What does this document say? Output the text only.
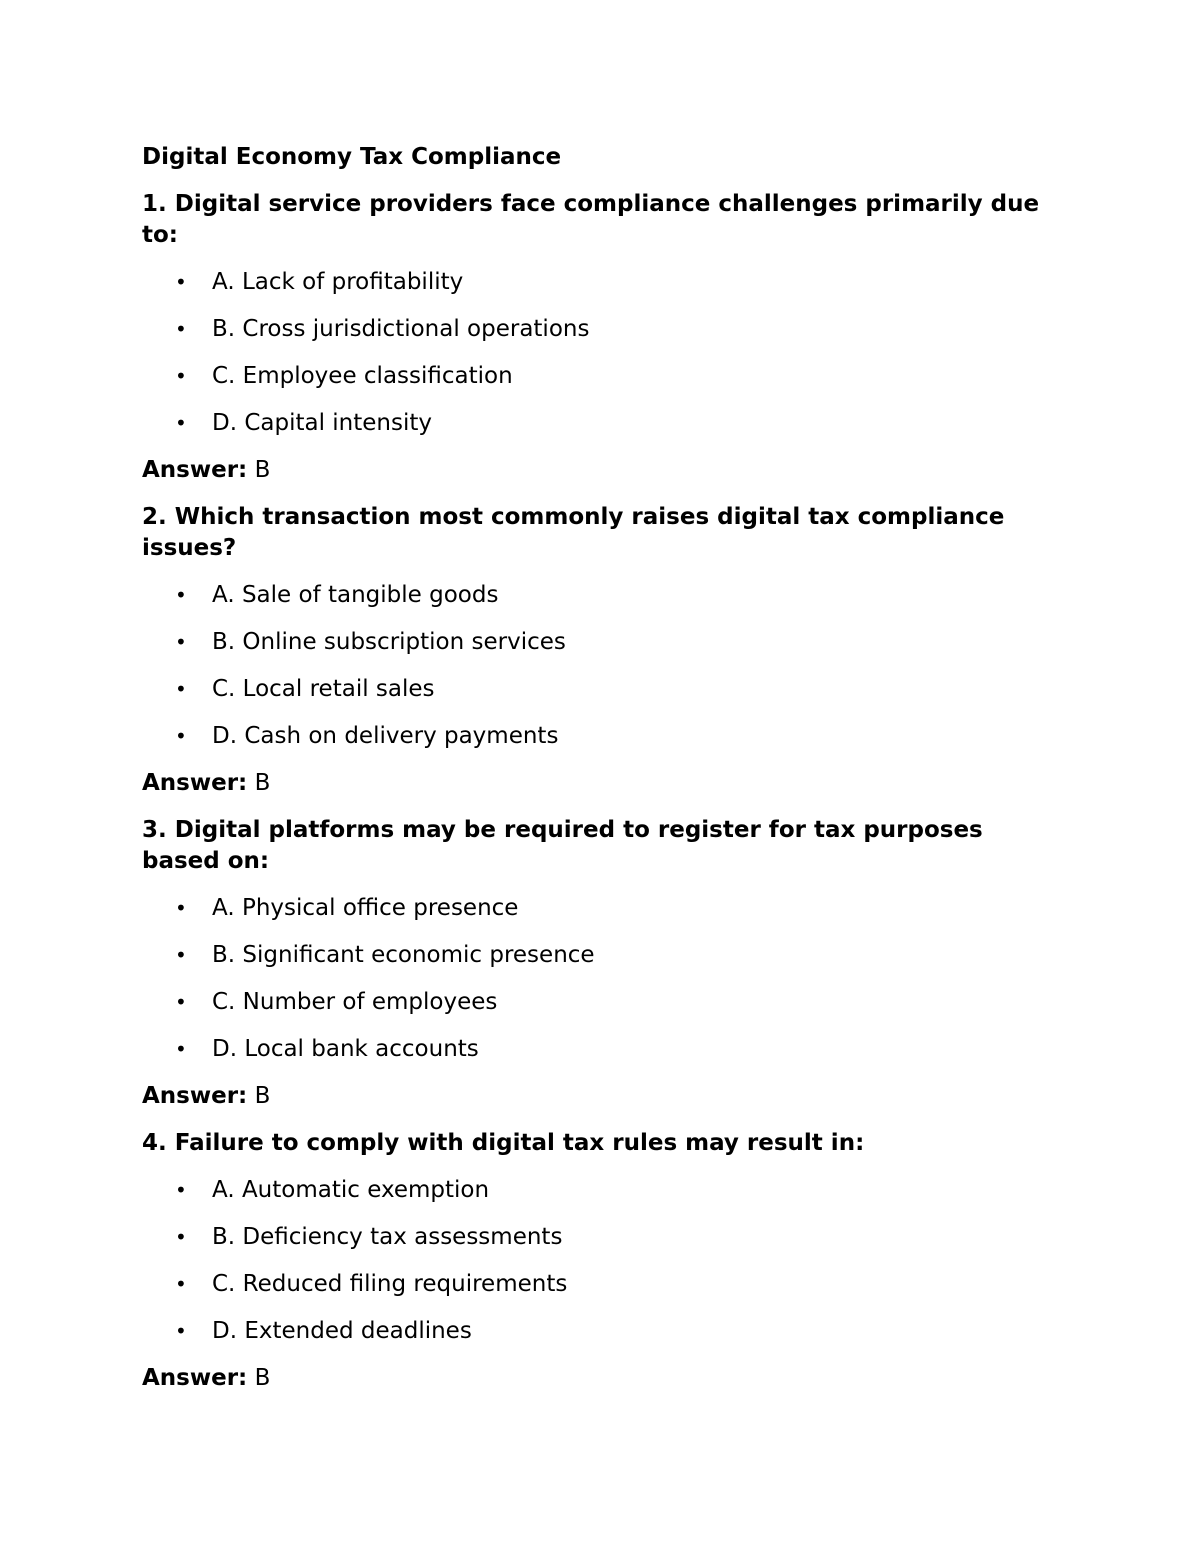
Digital Economy Tax Compliance
1. Digital service providers face compliance challenges primarily due to:
• A. Lack of profitability
• B. Cross jurisdictional operations
• C. Employee classification
• D. Capital intensity
Answer: B
2. Which transaction most commonly raises digital tax compliance issues?
• A. Sale of tangible goods
• B. Online subscription services
• C. Local retail sales
• D. Cash on delivery payments
Answer: B
3. Digital platforms may be required to register for tax purposes based on:
• A. Physical office presence
• B. Significant economic presence
• C. Number of employees
• D. Local bank accounts
Answer: B
4. Failure to comply with digital tax rules may result in:
• A. Automatic exemption
• B. Deficiency tax assessments
• C. Reduced filing requirements
• D. Extended deadlines
Answer: B
